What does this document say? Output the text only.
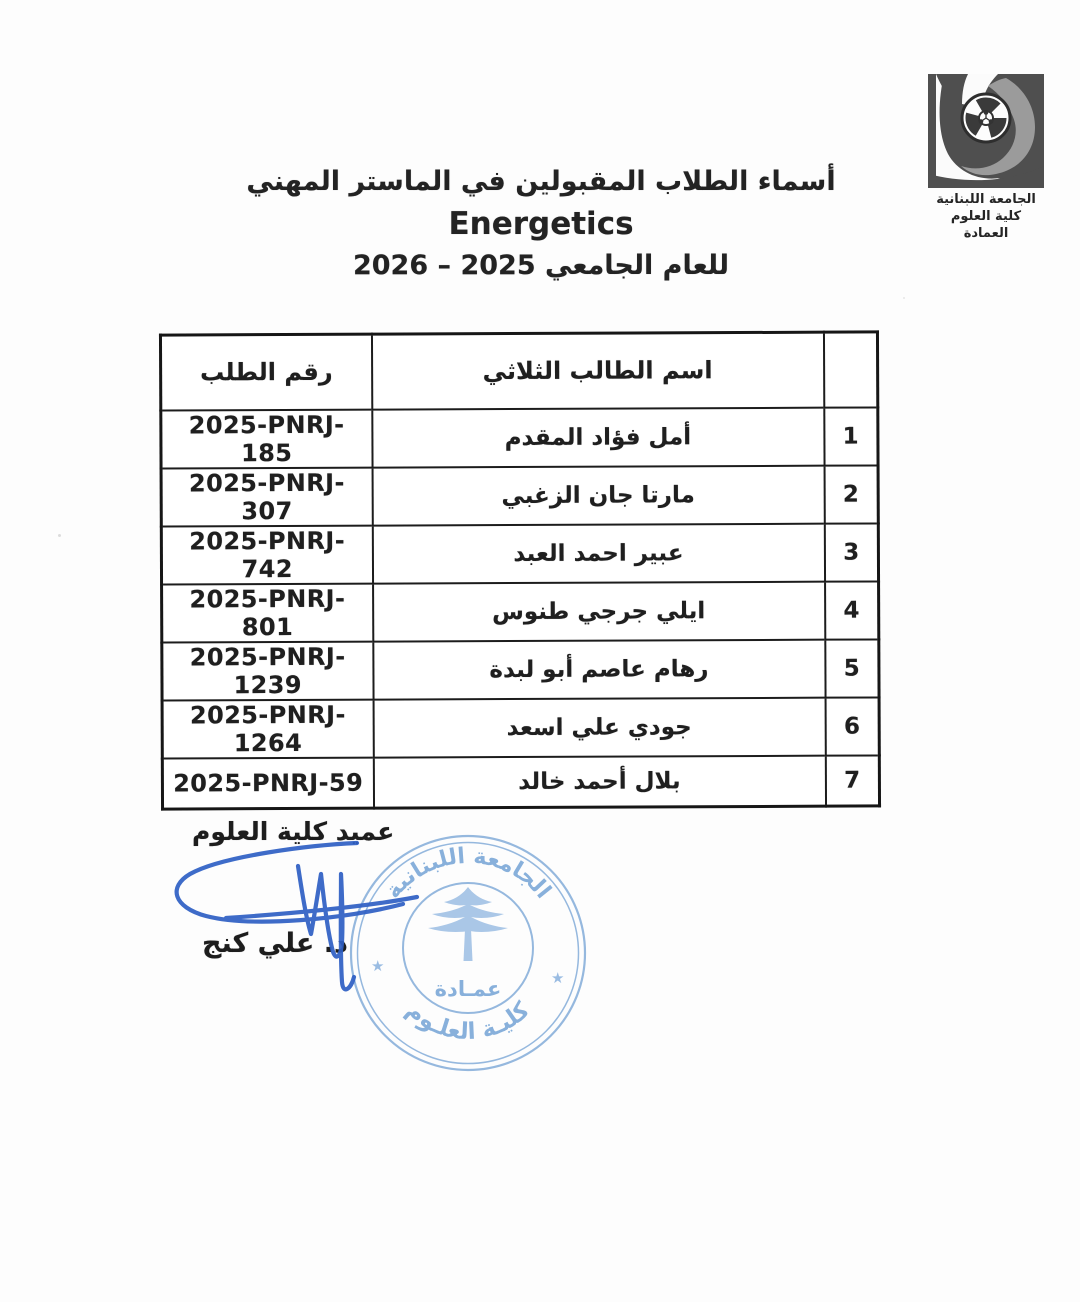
الجامعة اللبنانية
كلية العلوم
العمادة
أسماء الطلاب المقبولين في الماستر المهني
Energetics
للعام الجامعي 2025 – 2026
	اسم الطالب الثلاثي	رقم الطلب
1	أمل فؤاد المقدم	2025-PNRJ-185
2	مارتا جان الزغبي	2025-PNRJ-307
3	عبير احمد العبد	2025-PNRJ-742
4	ايلي جرجي طنوس	2025-PNRJ-801
5	رهام عاصم أبو لبدة	2025-PNRJ-1239
6	جودي علي اسعد	2025-PNRJ-1264
7	بلال أحمد خالد	2025-PNRJ-59
عميد كلية العلوم
د. علي كنج
الجامعة اللبنانية
كليـة العلـوم
★
★
عمـادة
